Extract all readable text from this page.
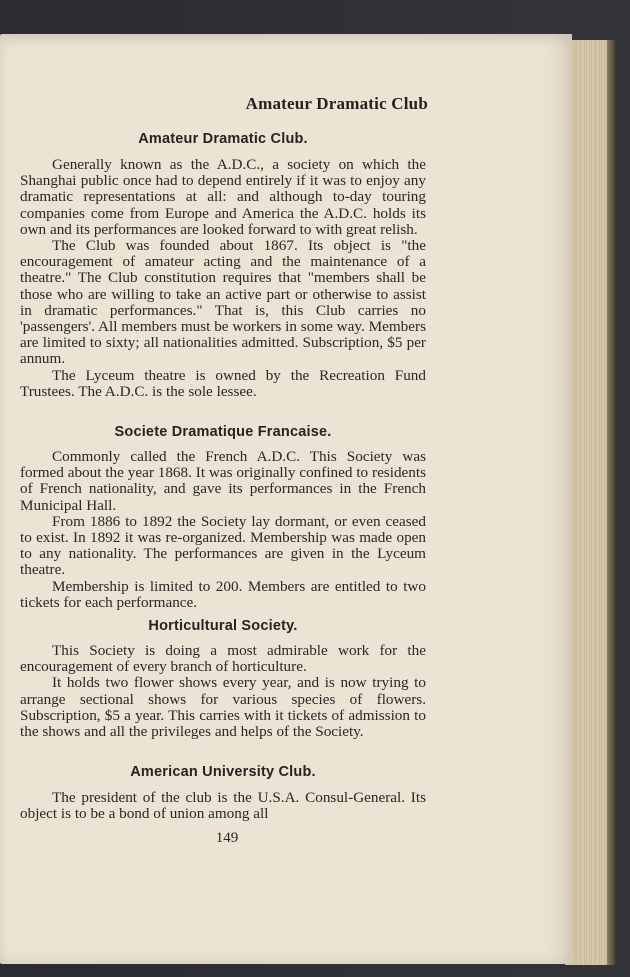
Amateur Dramatic Club
Amateur Dramatic Club.

Generally known as the A.D.C., a society on which the Shanghai public once had to depend entirely if it was to enjoy any dramatic representations at all: and although to-day touring companies come from Europe and America the A.D.C. holds its own and its performances are looked forward to with great relish.

The Club was founded about 1867. Its object is "the encouragement of amateur acting and the maintenance of a theatre." The Club constitution requires that "members shall be those who are willing to take an active part or otherwise to assist in dramatic performances." That is, this Club carries no 'passengers'. All members must be workers in some way. Members are limited to sixty; all nationalities admitted. Subscription, $5 per annum.

The Lyceum theatre is owned by the Recreation Fund Trustees. The A.D.C. is the sole lessee.

Societe Dramatique Francaise.

Commonly called the French A.D.C. This Society was formed about the year 1868. It was originally confined to residents of French nationality, and gave its performances in the French Municipal Hall.

From 1886 to 1892 the Society lay dormant, or even ceased to exist. In 1892 it was re-organized. Membership was made open to any nationality. The performances are given in the Lyceum theatre.

Membership is limited to 200. Members are entitled to two tickets for each performance.

Horticultural Society.

This Society is doing a most admirable work for the encouragement of every branch of horticulture.

It holds two flower shows every year, and is now trying to arrange sectional shows for various species of flowers. Subscription, $5 a year. This carries with it tickets of admission to the shows and all the privileges and helps of the Society.

American University Club.

The president of the club is the U.S.A. Consul-General. Its object is to be a bond of union among all

149
